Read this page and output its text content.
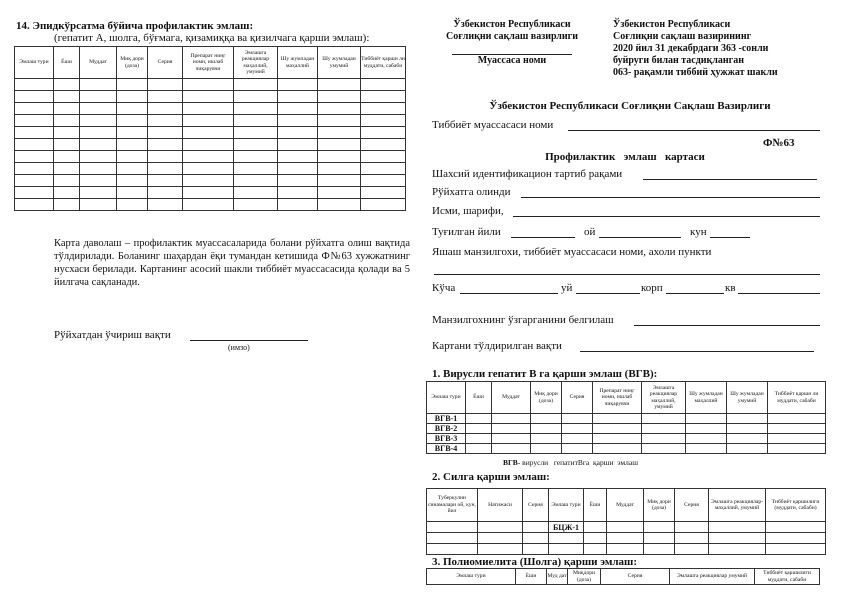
14. Эпидкўрсатма бўйича профилактик эмлаш:
(гепатит А, шолга, бўғмага, қизамиққа ва қизилчага қарши эмлаш):
Эмлаш тури	Ёши	Муддат	Миқ дори (доза)	Серия	Препарат ниңг номи, ишлаб чиқарувчи	Эмлашга реакциялар маҳаллий, умумий	Шу жумладан маҳаллий	Шу жумладан умумий	Тиббиёт қарши ли муддати, сабаби

Карта даволаш – профилактик муассасаларида болани рўйхатга олиш вақтида тўлдирилади. Боланинг шаҳардан ёқи тумандан кетишида Ф№63 хужжатнинг нусхаси берилади. Картанинг асосий шакли тиббиёт муассасасида қолади ва 5 йилгача сақланади.
Рўйхатдан ўчириш вақти
(имзо)
Ўзбекистон Республикаси
Соғлиқни сақлаш вазирлиги
Муассаса номи
Ўзбекистон Республикаси
Соғлиқни сақлаш вазирининг
2020 йил 31 декабрдаги 363 -сонли
буйруги билан тасдиқланган
063- рақамли тиббий ҳужжат шакли
Ўзбекистон Республикаси Соғлиқни Сақлаш Вазирлиги
Тиббиёт муассасаси номи
Ф№63
Профилактик   эмлаш   картаси
Шахсий идентификацион тартиб рақами
Рўйхатга олинди
Исми, шарифи,
Туғилган йили	ой	кун
Яшаш манзилгохи, тиббиёт муассасаси номи, ахоли пункти
Кўча	уй	корп	кв
Манзилгохнинг ўзгарганини белгилаш
Картани тўлдирилган вақти
1. Вирусли гепатит В га қарши эмлаш (ВГВ):
Эмлаш тури	Ёши	Муддат	Миқ дори (доза)	Серия	Препарат ниңг номи, ишлаб чиқарувчи	Эмлашга реакциялар маҳаллий, умумий	Шу жумладан маҳаллий	Шу жумладан умумий	Тиббиёт қарши ли муддати, сабаби
ВГВ-1									
ВГВ-2									
ВГВ-3									
ВГВ-4									
ВГВ- вирусли   гепатитВга  қарши  эмлаш
2. Силга қарши эмлаш:
Туберкулин синамалари ой, кун, йил	Натижаси	Серия	Эмлаш тури	Ёши	Муддат	Миқ дори (доза)	Серия	Эмлашга реакциялар- маҳаллий, умумий	Тиббиёт қаршилиги (муддати, сабаби)
			БЦЖ-1						

3. Полиомиелита (Шолга) қарши эмлаш:
Эмлаш тури	Ёши	Муд дат	Миқдори (доза)	Серия	Эмлашга реакциялар умумий	Тиббиёт қаршилиги муддати, сабаби
